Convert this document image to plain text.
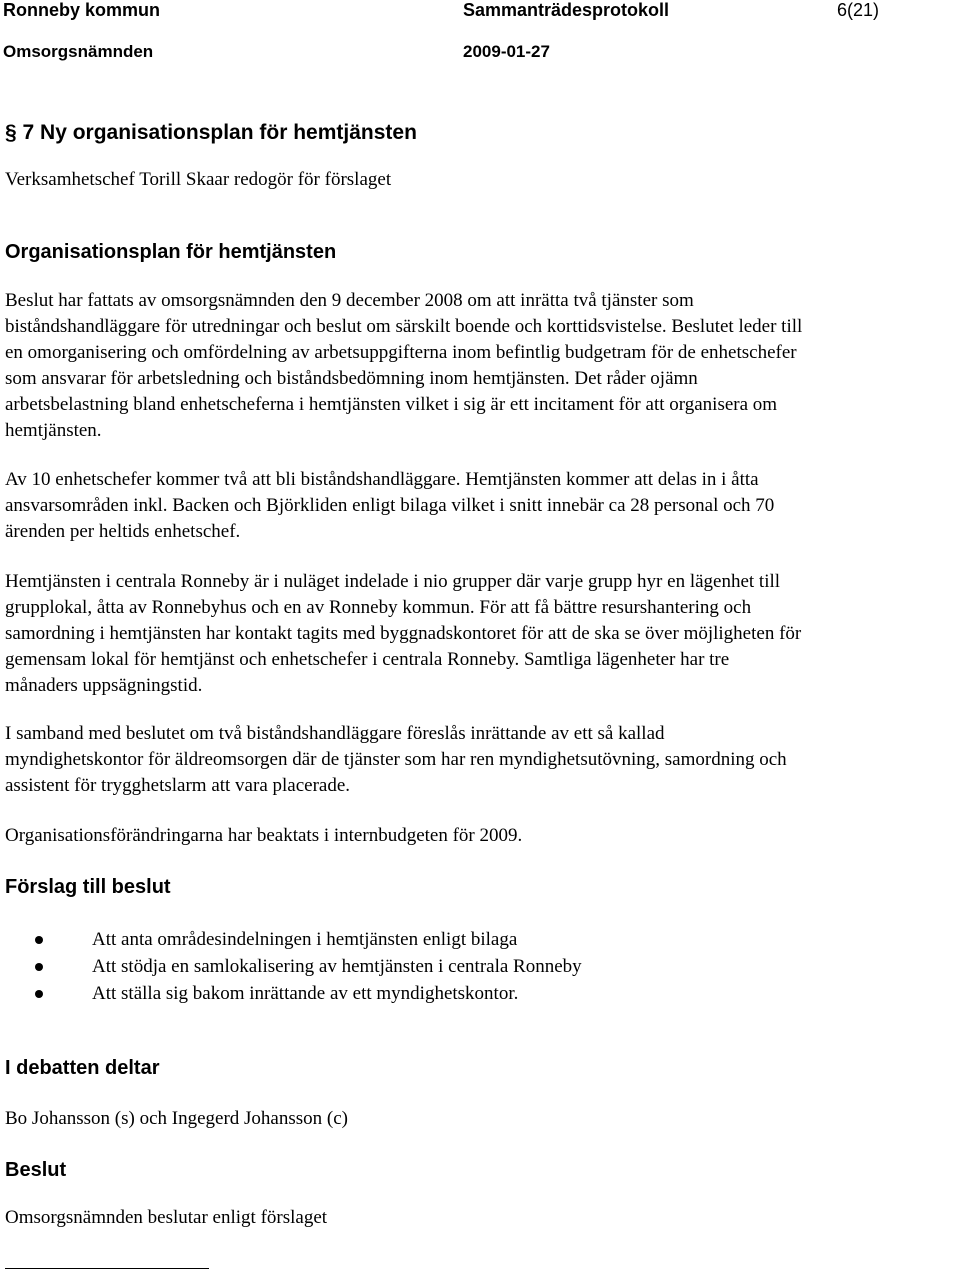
Ronneby kommun	Sammanträdesprotokoll	6(21)
Omsorgsnämnden	2009-01-27
§ 7 Ny organisationsplan för hemtjänsten
Verksamhetschef Torill Skaar redogör för förslaget
Organisationsplan för hemtjänsten
Beslut har fattats av omsorgsnämnden den 9 december 2008 om att inrätta två tjänster som
biståndshandläggare för utredningar och beslut om särskilt boende och korttidsvistelse. Beslutet leder till
en omorganisering och omfördelning av arbetsuppgifterna inom befintlig budgetram för de enhetschefer
som ansvarar för arbetsledning och biståndsbedömning inom hemtjänsten. Det råder ojämn
arbetsbelastning bland enhetscheferna i hemtjänsten vilket i sig är ett incitament för att organisera om
hemtjänsten.
Av 10 enhetschefer kommer två att bli biståndshandläggare. Hemtjänsten kommer att delas in i åtta
ansvarsområden inkl. Backen och Björkliden enligt bilaga vilket i snitt innebär ca 28 personal och 70
ärenden per heltids enhetschef.
Hemtjänsten i centrala Ronneby är i nuläget indelade i nio grupper där varje grupp hyr en lägenhet till
grupplokal, åtta av Ronnebyhus och en av Ronneby kommun. För att få bättre resurshantering och
samordning i hemtjänsten har kontakt tagits med byggnadskontoret för att de ska se över möjligheten för
gemensam lokal för hemtjänst och enhetschefer i centrala Ronneby. Samtliga lägenheter har tre
månaders uppsägningstid.
I samband med beslutet om två biståndshandläggare föreslås inrättande av ett så kallad
myndighetskontor för äldreomsorgen där de tjänster som har ren myndighetsutövning, samordning och
assistent för trygghetslarm att vara placerade.
Organisationsförändringarna har beaktats i internbudgeten för 2009.
Förslag till beslut
Att anta områdesindelningen i hemtjänsten enligt bilaga
Att stödja en samlokalisering av hemtjänsten i centrala Ronneby
Att ställa sig bakom inrättande av ett myndighetskontor.
I debatten deltar
Bo Johansson (s) och Ingegerd Johansson (c)
Beslut
Omsorgsnämnden beslutar enligt förslaget
